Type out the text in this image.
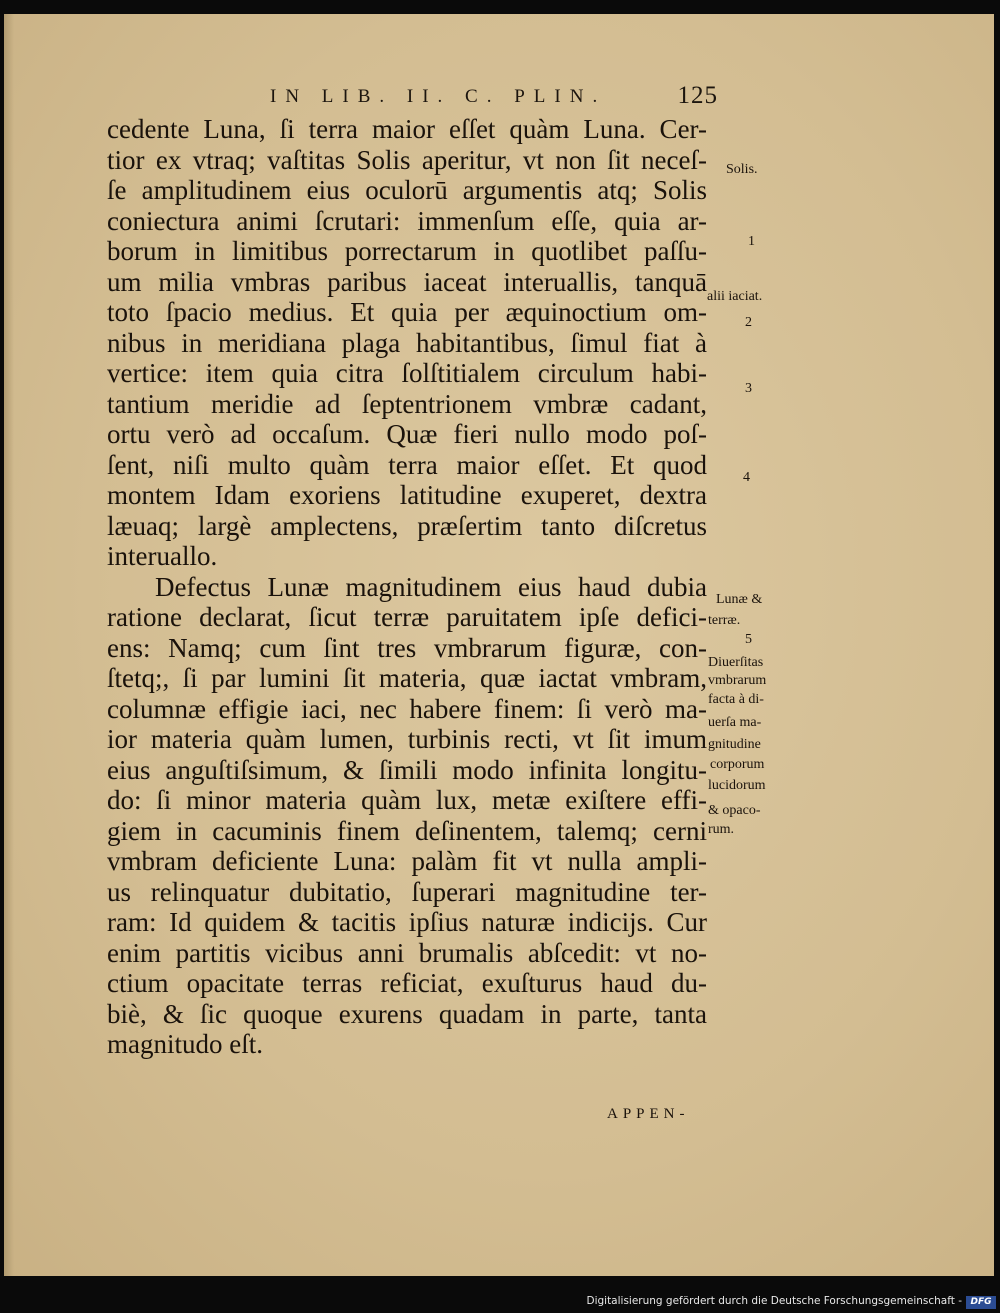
IN LIB. II. C. PLIN.	125
cedente Luna, ſi terra maior eſſet quàm Luna. Cer-
tior ex vtraq; vaſtitas Solis aperitur, vt non ſit neceſ-
ſe amplitudinem eius oculorū argumentis atq; Solis
coniectura animi ſcrutari: immenſum eſſe, quia ar-
borum in limitibus porrectarum in quotlibet paſſu-
um milia vmbras paribus iaceat interuallis, tanquā
toto ſpacio medius. Et quia per æquinoctium om-
nibus in meridiana plaga habitantibus, ſimul fiat à
vertice: item quia citra ſolſtitialem circulum habi-
tantium meridie ad ſeptentrionem vmbræ cadant,
ortu verò ad occaſum. Quæ fieri nullo modo poſ-
ſent, niſi multo quàm terra maior eſſet. Et quod
montem Idam exoriens latitudine exuperet, dextra
læuaq; largè amplectens, præſertim tanto diſcretus
interuallo.
Defectus Lunæ magnitudinem eius haud dubia
ratione declarat, ſicut terræ paruitatem ipſe defici-
ens: Namq; cum ſint tres vmbrarum figuræ, con-
ſtetq;, ſi par lumini ſit materia, quæ iactat vmbram,
columnæ effigie iaci, nec habere finem: ſi verò ma-
ior materia quàm lumen, turbinis recti, vt ſit imum
eius anguſtiſsimum, & ſimili modo infinita longitu-
do: ſi minor materia quàm lux, metæ exiſtere effi-
giem in cacuminis finem deſinentem, talemq; cerni
vmbram deficiente Luna: palàm fit vt nulla ampli-
us relinquatur dubitatio, ſuperari magnitudine ter-
ram: Id quidem & tacitis ipſius naturæ indicijs. Cur
enim partitis vicibus anni brumalis abſcedit: vt no-
ctium opacitate terras reficiat, exuſturus haud du-
biè, & ſic quoque exurens quadam in parte, tanta
magnitudo eſt.
Solis.
1
alii iaciat.
2
3
4
Lunæ &
terræ.
5
Diuerſitas
vmbrarum
facta à di-
uerſa ma-
gnitudine
corporum
lucidorum
& opaco-
rum.
APPEN-
Digitalisierung gefördert durch die Deutsche Forschungsgemeinschaft - DFG
